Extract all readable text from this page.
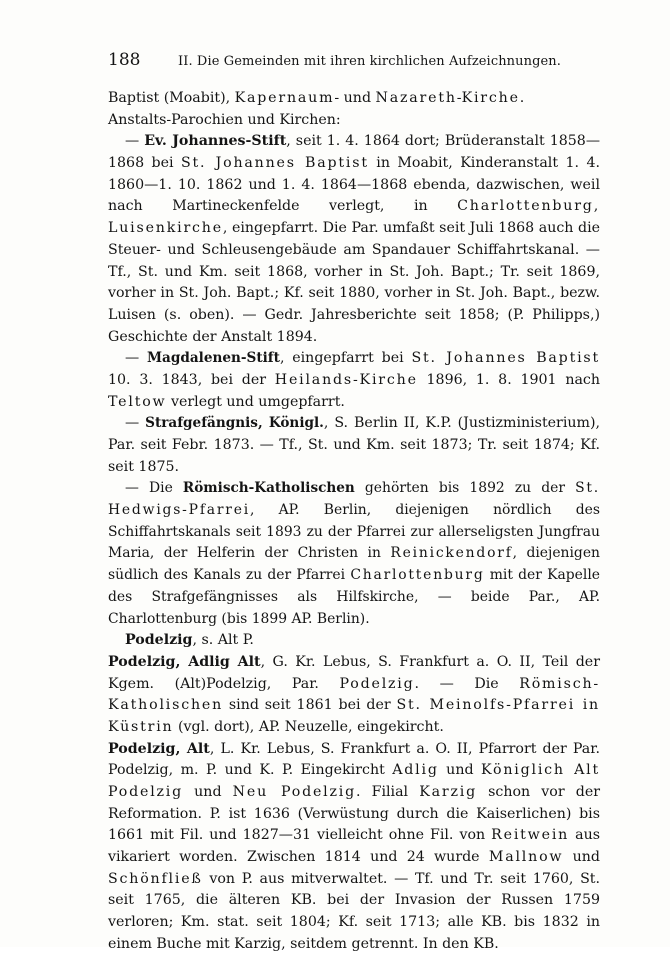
188	II. Die Gemeinden mit ihren kirchlichen Aufzeichnungen.

Baptist (Moabit), Kapernaum- und Nazareth-Kirche.
Anstalts-Parochien und Kirchen:

— Ev. Johannes-Stift, seit 1. 4. 1864 dort; Brüderanstalt 1858—1868 bei St. Johannes Baptist in Moabit, Kinderanstalt 1. 4. 1860—1. 10. 1862 und 1. 4. 1864—1868 ebenda, dazwischen, weil nach Martineckenfelde verlegt, in Charlottenburg, Luisenkirche, eingepfarrt. Die Par. umfaßt seit Juli 1868 auch die Steuer- und Schleusengebäude am Spandauer Schiffahrtskanal. — Tf., St. und Km. seit 1868, vorher in St. Joh. Bapt.; Tr. seit 1869, vorher in St. Joh. Bapt.; Kf. seit 1880, vorher in St. Joh. Bapt., bezw. Luisen (s. oben). — Gedr. Jahresberichte seit 1858; (P. Philipps,) Geschichte der Anstalt 1894.

— Magdalenen-Stift, eingepfarrt bei St. Johannes Baptist 10. 3. 1843, bei der Heilands-Kirche 1896, 1. 8. 1901 nach Teltow verlegt und umgepfarrt.

— Strafgefängnis, Königl., S. Berlin II, K.P. (Justizministerium), Par. seit Febr. 1873. — Tf., St. und Km. seit 1873; Tr. seit 1874; Kf. seit 1875.

— Die Römisch-Katholischen gehörten bis 1892 zu der St. Hedwigs-Pfarrei, AP. Berlin, diejenigen nördlich des Schiffahrtskanals seit 1893 zu der Pfarrei zur allerseligsten Jungfrau Maria, der Helferin der Christen in Reinickendorf, diejenigen südlich des Kanals zu der Pfarrei Charlottenburg mit der Kapelle des Strafgefängnisses als Hilfskirche, — beide Par., AP. Charlottenburg (bis 1899 AP. Berlin).

Podelzig, s. Alt P.

Podelzig, Adlig Alt, G. Kr. Lebus, S. Frankfurt a. O. II, Teil der Kgem. (Alt)Podelzig, Par. Podelzig. — Die Römisch-Katholischen sind seit 1861 bei der St. Meinolfs-Pfarrei in Küstrin (vgl. dort), AP. Neuzelle, eingekircht.

Podelzig, Alt, L. Kr. Lebus, S. Frankfurt a. O. II, Pfarrort der Par. Podelzig, m. P. und K. P. Eingekircht Adlig und Königlich Alt Podelzig und Neu Podelzig. Filial Karzig schon vor der Reformation. P. ist 1636 (Verwüstung durch die Kaiserlichen) bis 1661 mit Fil. und 1827—31 vielleicht ohne Fil. von Reitwein aus vikariert worden. Zwischen 1814 und 24 wurde Mallnow und Schönfließ von P. aus mitverwaltet. — Tf. und Tr. seit 1760, St. seit 1765, die älteren KB. bei der Invasion der Russen 1759 verloren; Km. stat. seit 1804; Kf. seit 1713; alle KB. bis 1832 in einem Buche mit Karzig, seitdem getrennt. In den KB.
